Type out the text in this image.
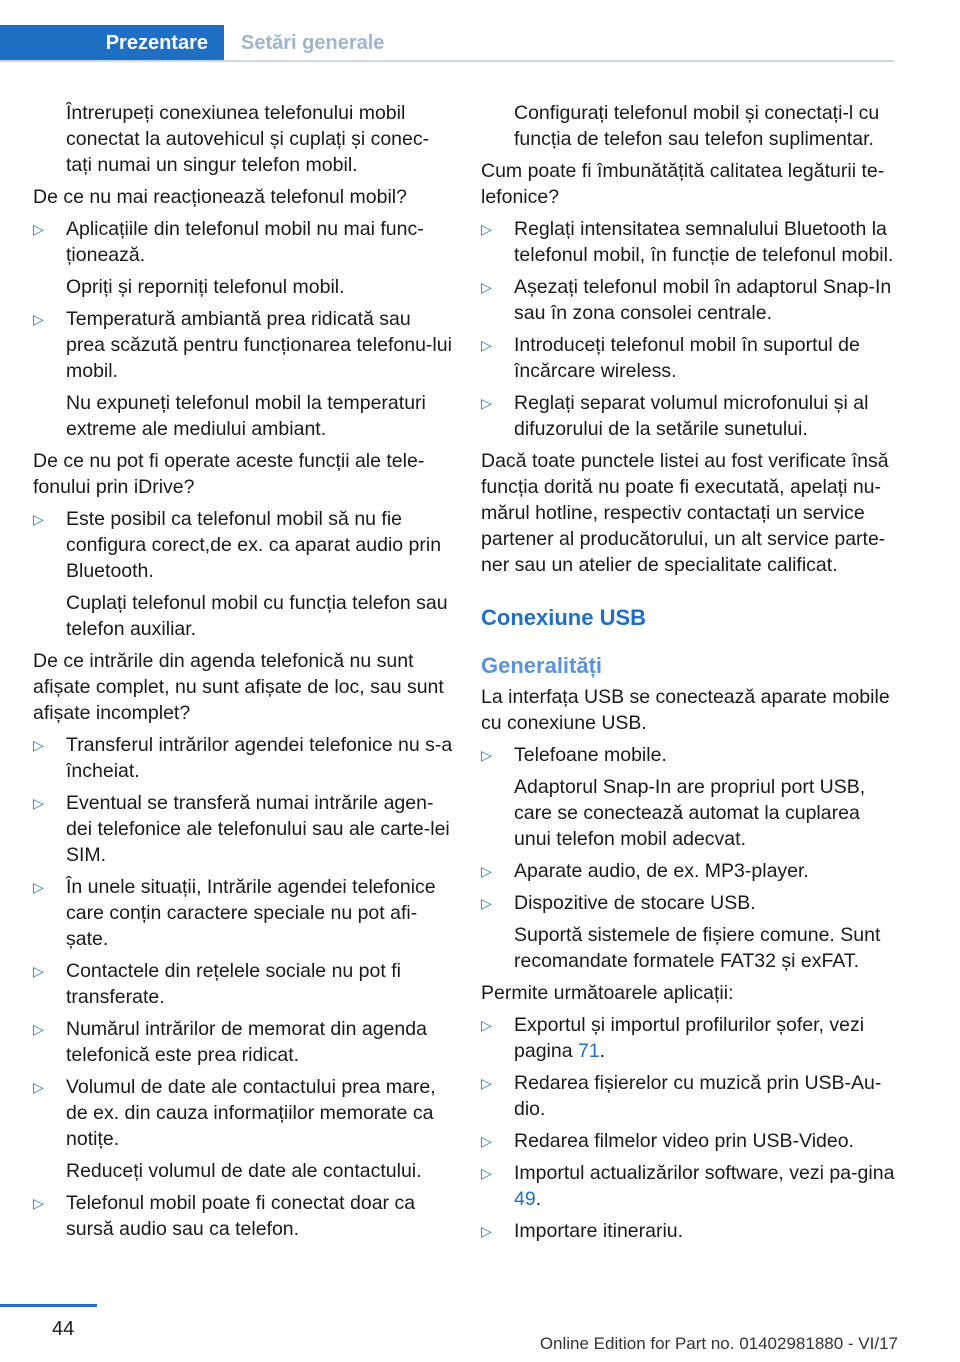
Prezentare	Setări generale

Întrerupeți conexiunea telefonului mobil conectat la autovehicul și cuplați și conec-tați numai un singur telefon mobil.

De ce nu mai reacționează telefonul mobil?

▷ Aplicațiile din telefonul mobil nu mai func-ționează.

Opriți și reporniți telefonul mobil.

▷ Temperatură ambiantă prea ridicată sau prea scăzută pentru funcționarea telefonu-lui mobil.

Nu expuneți telefonul mobil la temperaturi extreme ale mediului ambiant.

De ce nu pot fi operate aceste funcții ale tele-fonului prin iDrive?

▷ Este posibil ca telefonul mobil să nu fie configura corect,de ex. ca aparat audio prin Bluetooth.

Cuplați telefonul mobil cu funcția telefon sau telefon auxiliar.

De ce intrările din agenda telefonică nu sunt afișate complet, nu sunt afișate de loc, sau sunt afișate incomplet?

▷ Transferul intrărilor agendei telefonice nu s-a încheiat.
▷ Eventual se transferă numai intrările agen-dei telefonice ale telefonului sau ale carte-lei SIM.
▷ În unele situații, Intrările agendei telefonice care conțin caractere speciale nu pot afi-șate.
▷ Contactele din rețelele sociale nu pot fi transferate.
▷ Numărul intrărilor de memorat din agenda telefonică este prea ridicat.
▷ Volumul de date ale contactului prea mare, de ex. din cauza informațiilor memorate ca notițe.

Reduceți volumul de date ale contactului.

▷ Telefonul mobil poate fi conectat doar ca sursă audio sau ca telefon.

Configurați telefonul mobil și conectați-l cu funcția de telefon sau telefon suplimentar.

Cum poate fi îmbunătățită calitatea legăturii te-lefonice?

▷ Reglați intensitatea semnalului Bluetooth la telefonul mobil, în funcție de telefonul mobil.
▷ Așezați telefonul mobil în adaptorul Snap-In sau în zona consolei centrale.
▷ Introduceți telefonul mobil în suportul de încărcare wireless.
▷ Reglați separat volumul microfonului și al difuzorului de la setările sunetului.

Dacă toate punctele listei au fost verificate însă funcția dorită nu poate fi executată, apelați nu-mărul hotline, respectiv contactați un service partener al producătorului, un alt service parte-ner sau un atelier de specialitate calificat.

Conexiune USB
Generalități

La interfața USB se conectează aparate mobile cu conexiune USB.

▷ Telefoane mobile.

Adaptorul Snap-In are propriul port USB, care se conectează automat la cuplarea unui telefon mobil adecvat.

▷ Aparate audio, de ex. MP3-player.
▷ Dispozitive de stocare USB.

Suportă sistemele de fișiere comune. Sunt recomandate formatele FAT32 și exFAT.

Permite următoarele aplicații:

▷ Exportul și importul profilurilor șofer, vezi pagina 71.
▷ Redarea fișierelor cu muzică prin USB-Au-dio.
▷ Redarea filmelor video prin USB-Video.
▷ Importul actualizărilor software, vezi pa-gina 49.
▷ Importare itinerariu.
44
Online Edition for Part no. 01402981880 - VI/17
